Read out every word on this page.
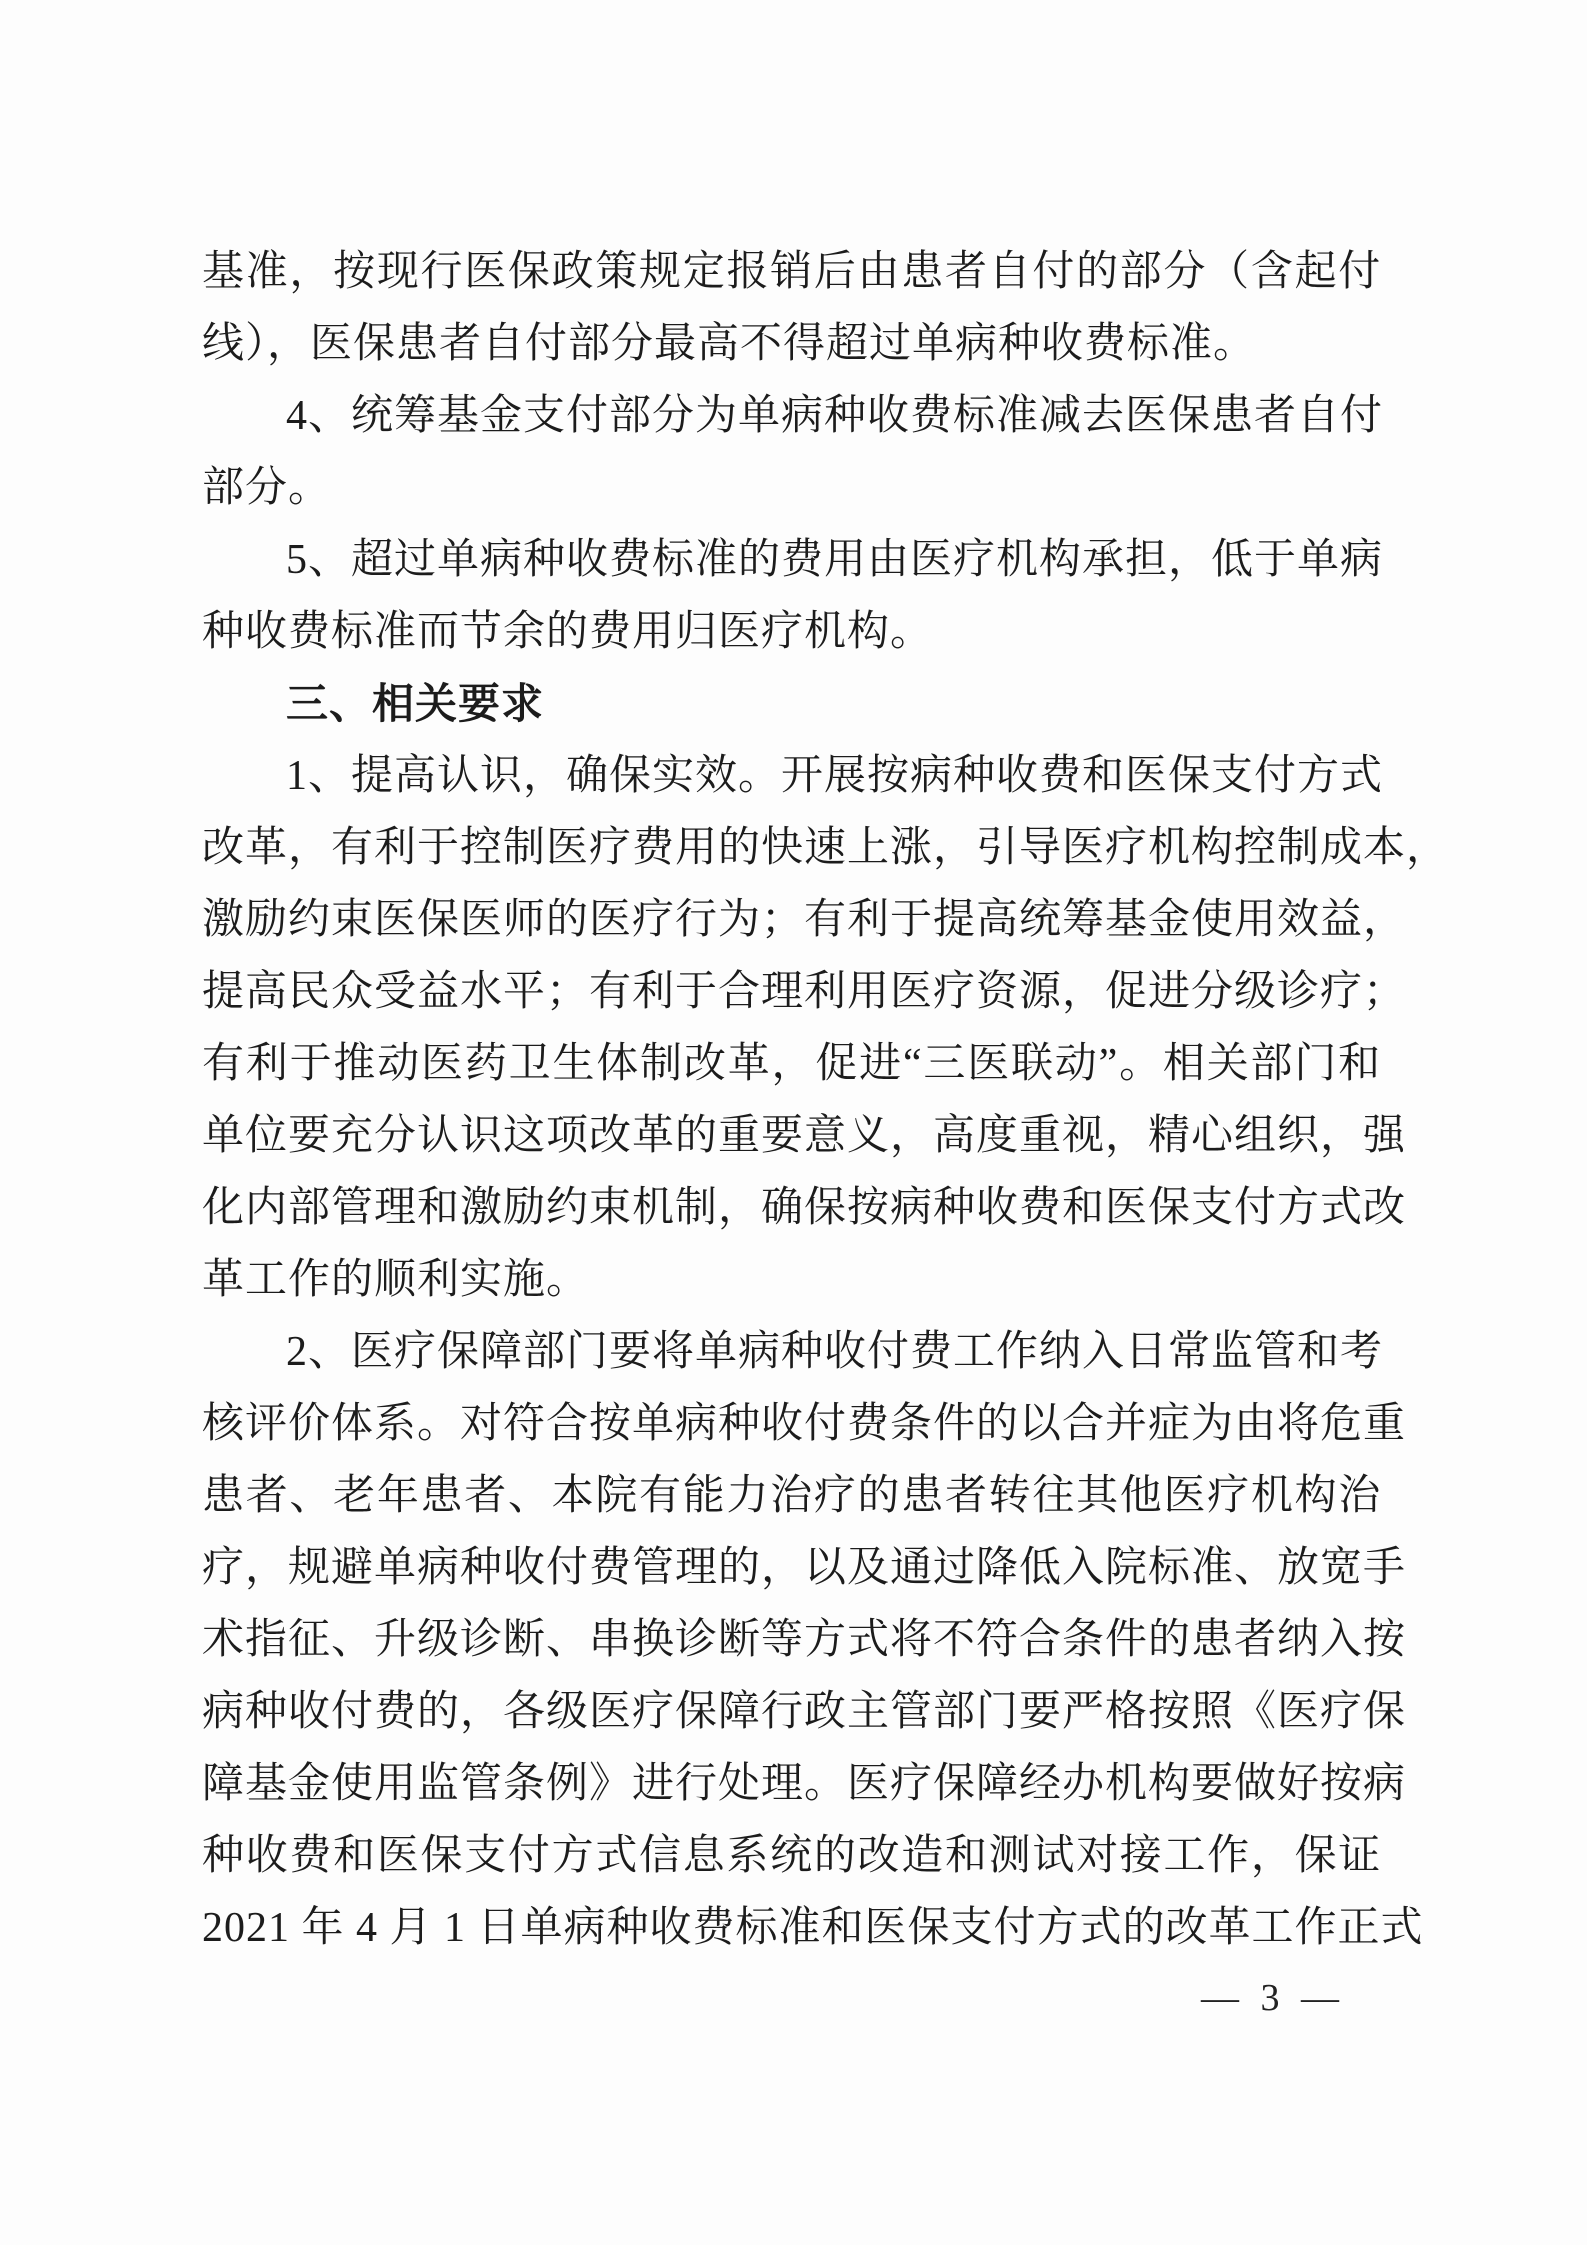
基准，按现行医保政策规定报销后由患者自付的部分（含起付
线），医保患者自付部分最高不得超过单病种收费标准。
4、统筹基金支付部分为单病种收费标准减去医保患者自付
部分。
5、超过单病种收费标准的费用由医疗机构承担，低于单病
种收费标准而节余的费用归医疗机构。
三、相关要求
1、提高认识，确保实效。开展按病种收费和医保支付方式
改革，有利于控制医疗费用的快速上涨，引导医疗机构控制成本，
激励约束医保医师的医疗行为；有利于提高统筹基金使用效益，
提高民众受益水平；有利于合理利用医疗资源，促进分级诊疗；
有利于推动医药卫生体制改革，促进“三医联动”。相关部门和
单位要充分认识这项改革的重要意义，高度重视，精心组织，强
化内部管理和激励约束机制，确保按病种收费和医保支付方式改
革工作的顺利实施。
2、医疗保障部门要将单病种收付费工作纳入日常监管和考
核评价体系。对符合按单病种收付费条件的以合并症为由将危重
患者、老年患者、本院有能力治疗的患者转往其他医疗机构治
疗，规避单病种收付费管理的，以及通过降低入院标准、放宽手
术指征、升级诊断、串换诊断等方式将不符合条件的患者纳入按
病种收付费的，各级医疗保障行政主管部门要严格按照《医疗保
障基金使用监管条例》进行处理。医疗保障经办机构要做好按病
种收费和医保支付方式信息系统的改造和测试对接工作，保证
2021 年 4 月 1 日单病种收费标准和医保支付方式的改革工作正式
— 3 —
